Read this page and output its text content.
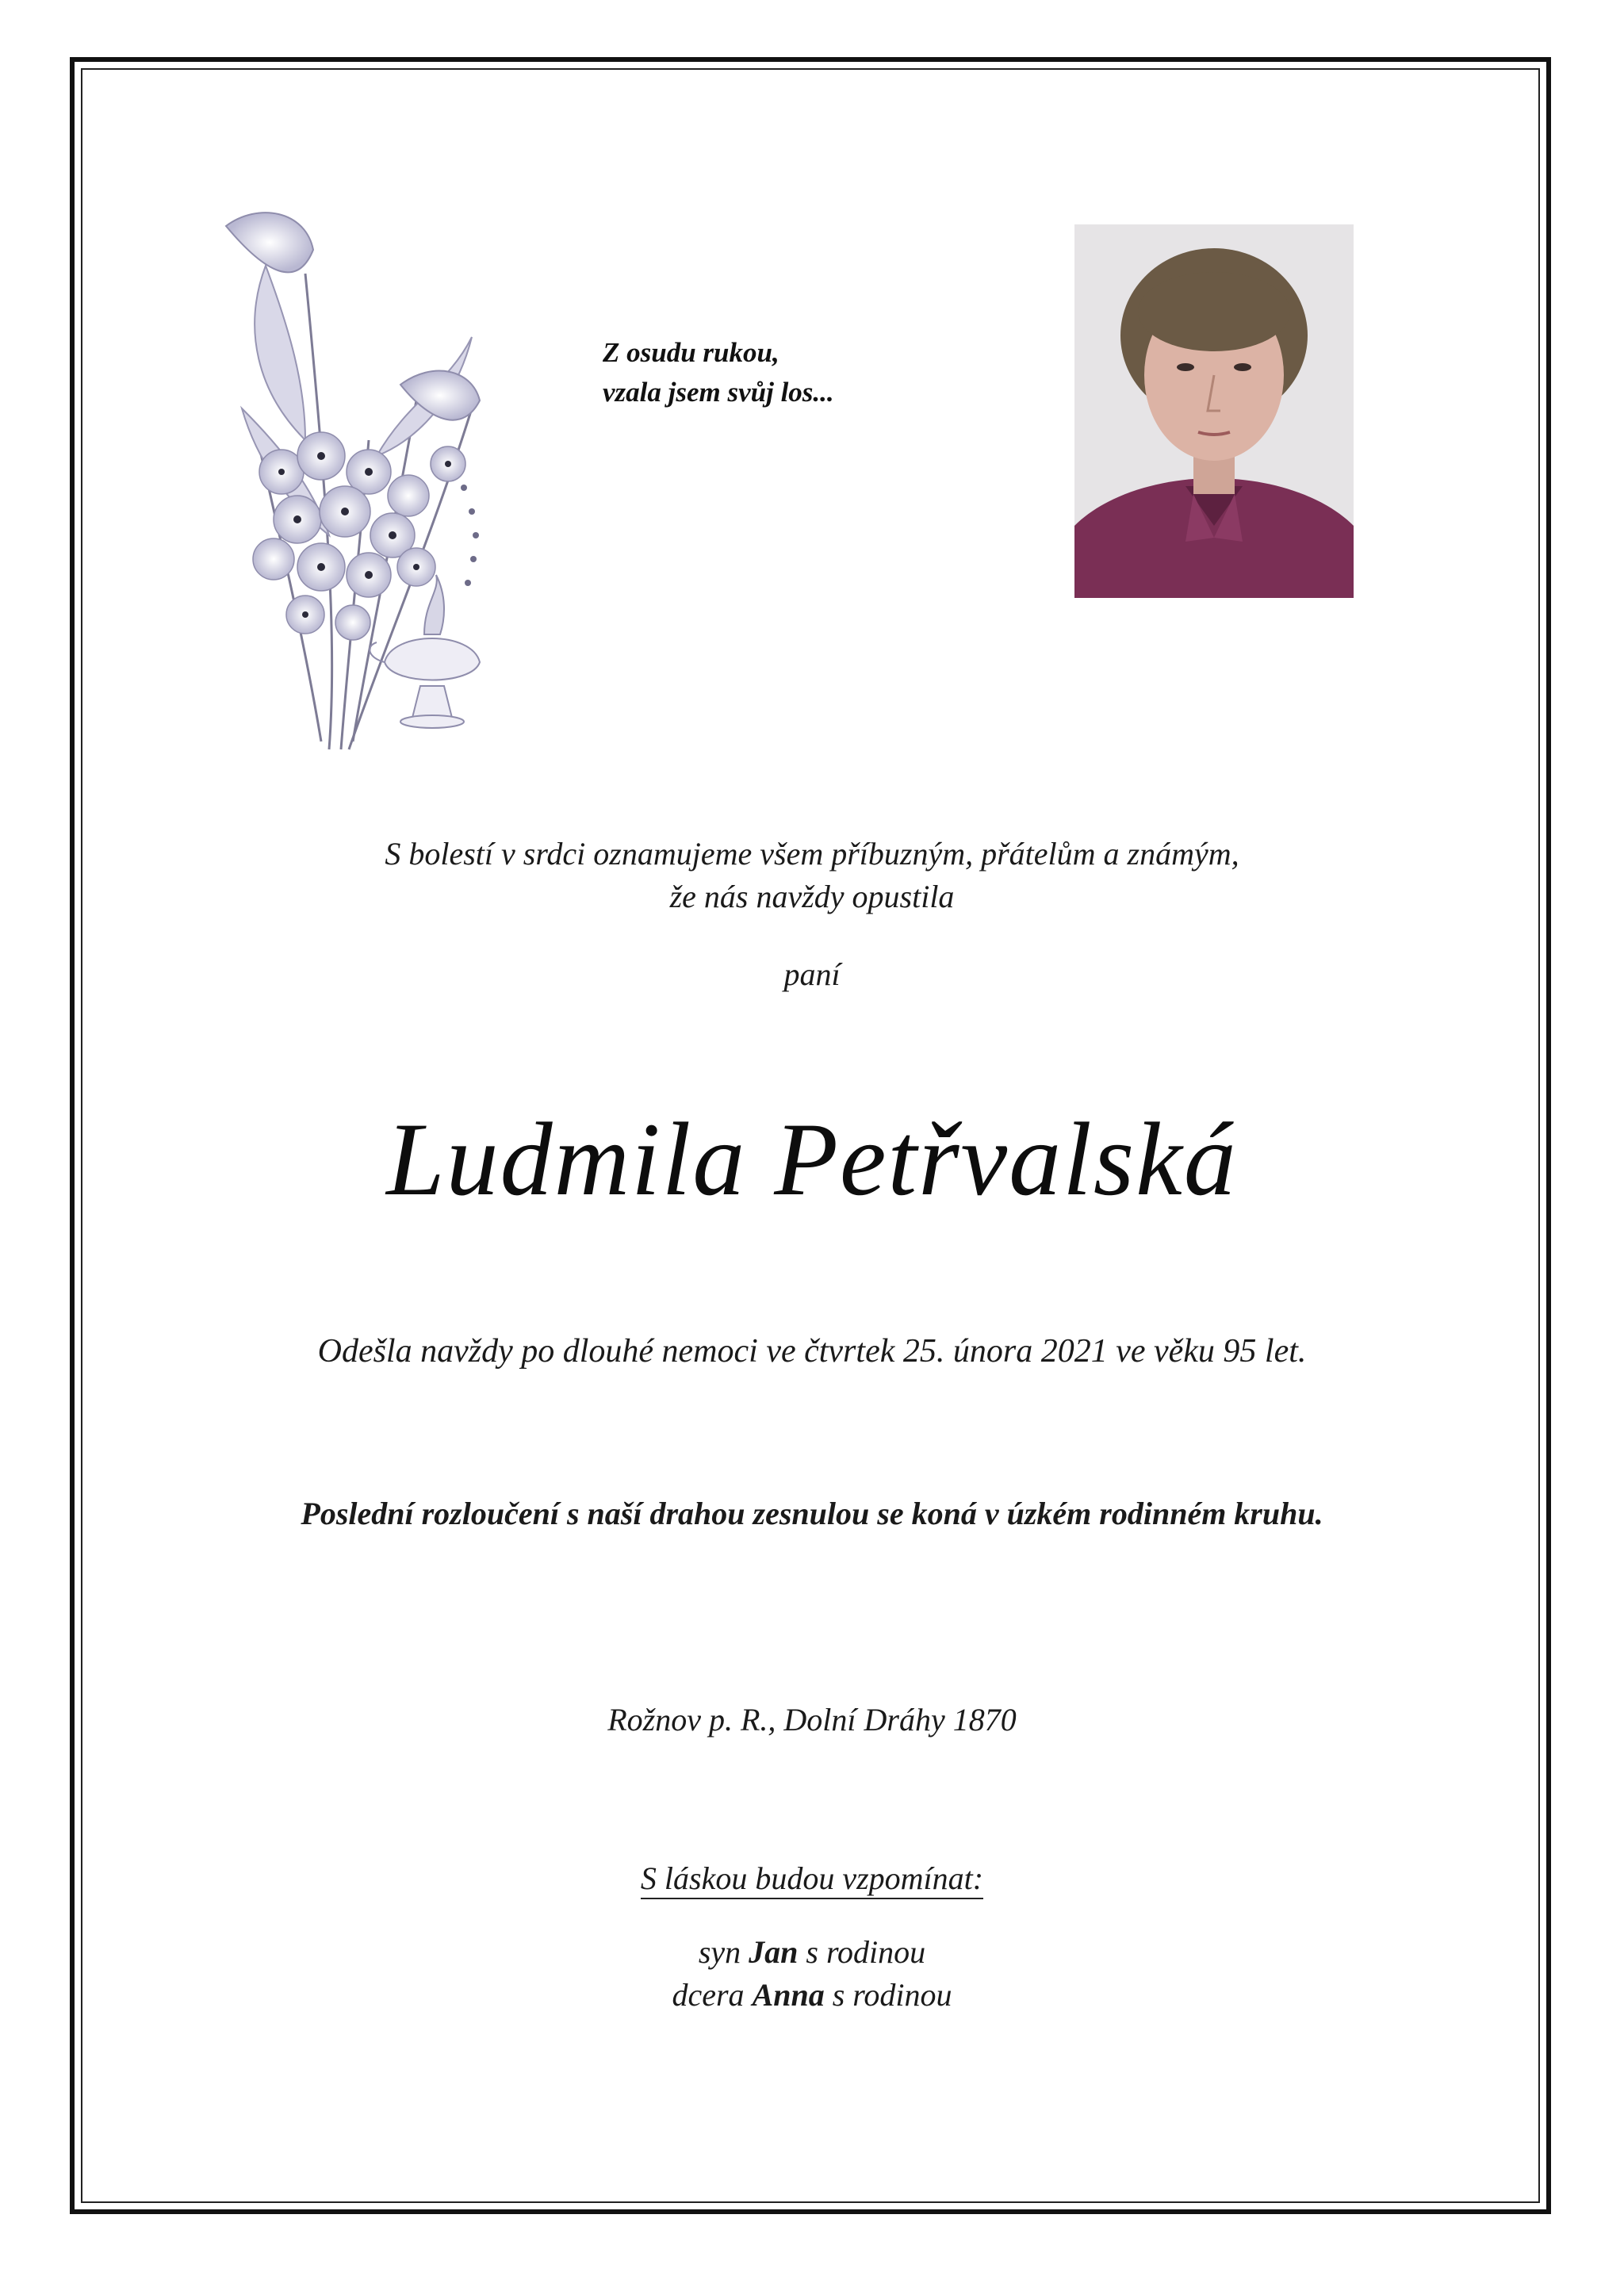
Z osudu rukou,
vzala jsem svůj los...
S bolestí v srdci oznamujeme všem příbuzným, přátelům a známým,
že nás navždy opustila
paní
Ludmila Petřvalská
Odešla navždy po dlouhé nemoci ve čtvrtek 25. února 2021 ve věku 95 let.
Poslední rozloučení s naší drahou zesnulou se koná v úzkém rodinném kruhu.
Rožnov p. R., Dolní Dráhy 1870
S láskou budou vzpomínat:
syn Jan s rodinou
dcera Anna s rodinou
